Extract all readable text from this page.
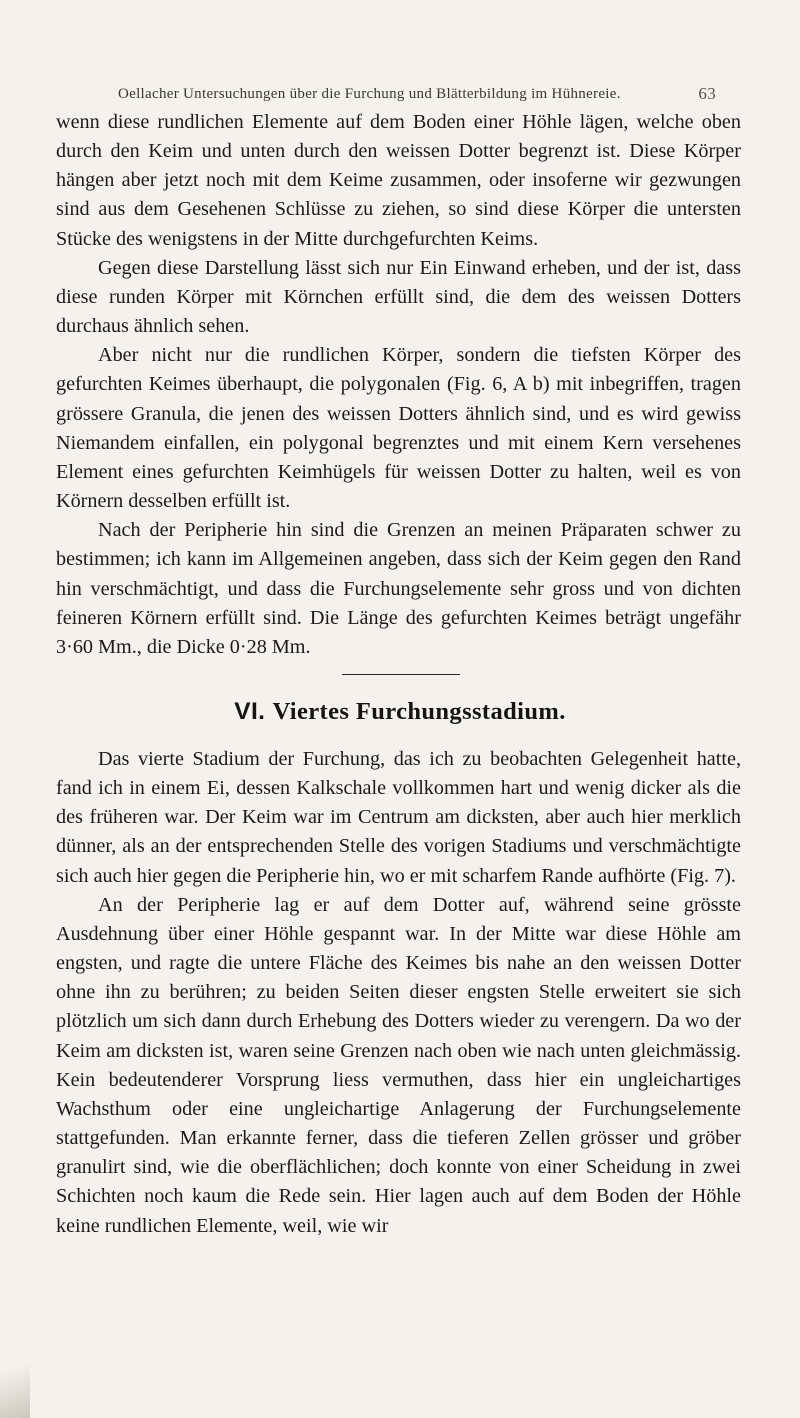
Oellacher Untersuchungen über die Furchung und Blätterbildung im Hühnereie.	63

wenn diese rundlichen Elemente auf dem Boden einer Höhle lägen, welche oben durch den Keim und unten durch den weissen Dotter begrenzt ist. Diese Körper hängen aber jetzt noch mit dem Keime zusammen, oder insoferne wir gezwungen sind aus dem Gesehenen Schlüsse zu ziehen, so sind diese Körper die untersten Stücke des wenigstens in der Mitte durchgefurchten Keims.

Gegen diese Darstellung lässt sich nur Ein Einwand erheben, und der ist, dass diese runden Körper mit Körnchen erfüllt sind, die dem des weissen Dotters durchaus ähnlich sehen.

Aber nicht nur die rundlichen Körper, sondern die tiefsten Körper des gefurchten Keimes überhaupt, die polygonalen (Fig. 6, A b) mit inbegriffen, tragen grössere Granula, die jenen des weissen Dotters ähnlich sind, und es wird gewiss Niemandem einfallen, ein polygonal begrenztes und mit einem Kern versehenes Element eines gefurchten Keimhügels für weissen Dotter zu halten, weil es von Körnern desselben erfüllt ist.

Nach der Peripherie hin sind die Grenzen an meinen Präparaten schwer zu bestimmen; ich kann im Allgemeinen angeben, dass sich der Keim gegen den Rand hin verschmächtigt, und dass die Furchungselemente sehr gross und von dichten feineren Körnern erfüllt sind. Die Länge des gefurchten Keimes beträgt ungefähr 3·60 Mm., die Dicke 0·28 Mm.

VI. Viertes Furchungsstadium.

Das vierte Stadium der Furchung, das ich zu beobachten Gelegenheit hatte, fand ich in einem Ei, dessen Kalkschale vollkommen hart und wenig dicker als die des früheren war. Der Keim war im Centrum am dicksten, aber auch hier merklich dünner, als an der entsprechenden Stelle des vorigen Stadiums und verschmächtigte sich auch hier gegen die Peripherie hin, wo er mit scharfem Rande aufhörte (Fig. 7).

An der Peripherie lag er auf dem Dotter auf, während seine grösste Ausdehnung über einer Höhle gespannt war. In der Mitte war diese Höhle am engsten, und ragte die untere Fläche des Keimes bis nahe an den weissen Dotter ohne ihn zu berühren; zu beiden Seiten dieser engsten Stelle erweitert sie sich plötzlich um sich dann durch Erhebung des Dotters wieder zu verengern. Da wo der Keim am dicksten ist, waren seine Grenzen nach oben wie nach unten gleichmässig. Kein bedeutenderer Vorsprung liess vermuthen, dass hier ein ungleichartiges Wachsthum oder eine ungleichartige Anlagerung der Furchungselemente stattgefunden. Man erkannte ferner, dass die tieferen Zellen grösser und gröber granulirt sind, wie die oberflächlichen; doch konnte von einer Scheidung in zwei Schichten noch kaum die Rede sein. Hier lagen auch auf dem Boden der Höhle keine rundlichen Elemente, weil, wie wir
